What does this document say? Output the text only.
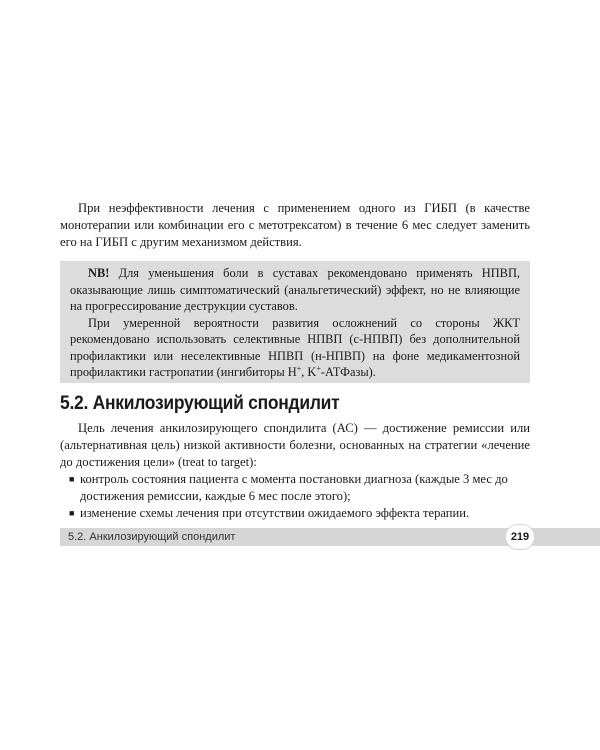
При неэффективности лечения с применением одного из ГИБП (в качестве монотерапии или комбинации его с метотрексатом) в течение 6 мес следует заменить его на ГИБП с другим механизмом действия.

NB! Для уменьшения боли в суставах рекомендовано применять НПВП, оказывающие лишь симптоматический (анальгетический) эффект, но не влияющие на прогрессирование деструкции суставов.

При умеренной вероятности развития осложнений со стороны ЖКТ рекомендовано использовать селективные НПВП (с-НПВП) без дополнительной профилактики или неселективные НПВП (н-НПВП) на фоне медикаментозной профилактики гастропатии (ингибиторы H+, K+-АТФазы).

5.2. Анкилозирующий спондилит

Цель лечения анкилозирующего спондилита (АС) — достижение ремиссии или (альтернативная цель) низкой активности болезни, основанных на стратегии «лечение до достижения цели» (treat to target):

■ контроль состояния пациента с момента постановки диагноза (каждые 3 мес до достижения ремиссии, каждые 6 мес после этого);
■ изменение схемы лечения при отсутствии ожидаемого эффекта терапии.
5.2. Анкилозирующий спондилит	219
